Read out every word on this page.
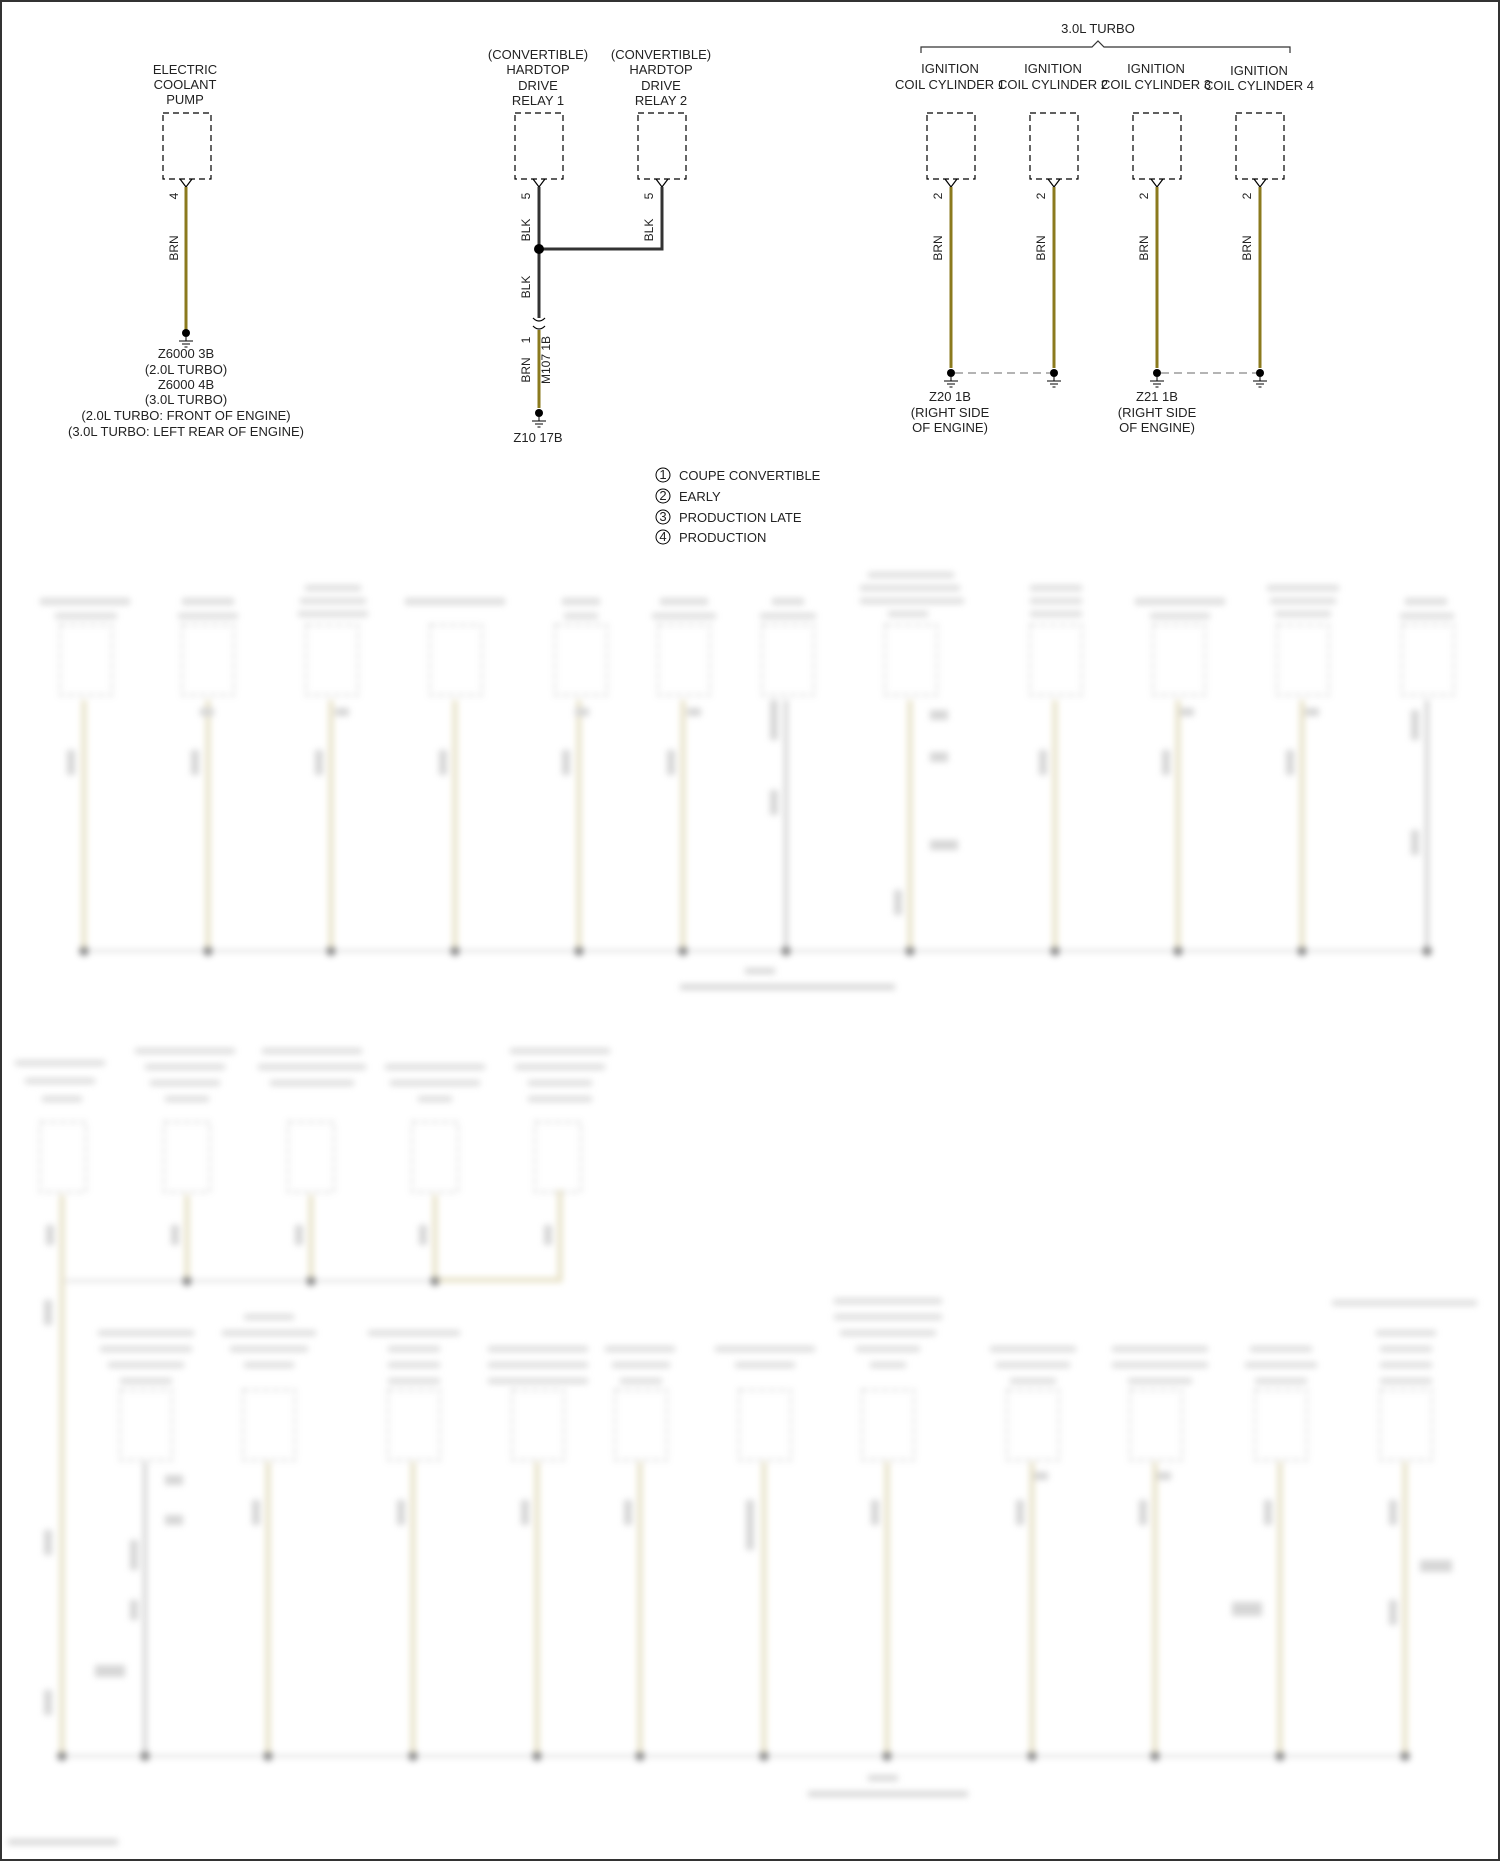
3.0L TURBO
ELECTRIC
COOLANT
PUMP
4
BRN
Z6000 3B
(2.0L TURBO)
Z6000 4B
(3.0L TURBO)
(2.0L TURBO: FRONT OF ENGINE)
(3.0L TURBO: LEFT REAR OF ENGINE)
(CONVERTIBLE)
HARDTOP
DRIVE
RELAY 1
5
BLK
(CONVERTIBLE)
HARDTOP
DRIVE
RELAY 2
5
BLK
BLK
1
BRN M107 1B
Z10 17B
IGNITION
COIL CYLINDER 1
2
BRN
IGNITION
COIL CYLINDER 2
2
BRN
IGNITION
COIL CYLINDER 3
2
BRN
IGNITION
COIL CYLINDER 4
2
BRN
Z20 1B
(RIGHT SIDE
OF ENGINE)
Z21 1B
(RIGHT SIDE
OF ENGINE)
1 COUPE CONVERTIBLE
2 EARLY
3 PRODUCTION LATE
4 PRODUCTION
